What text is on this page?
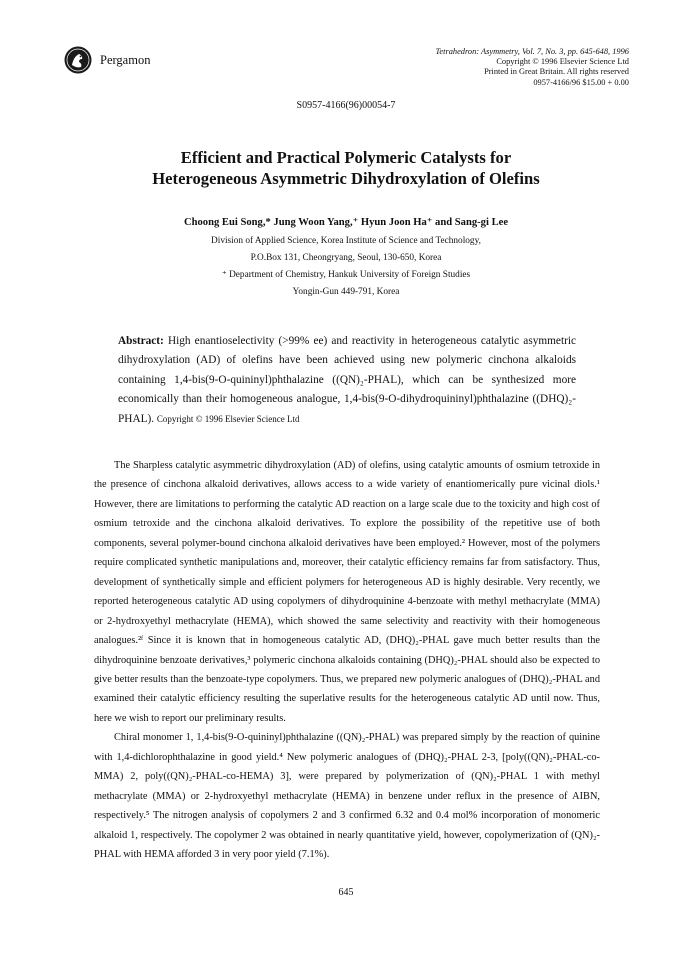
Pergamon
Tetrahedron: Asymmetry, Vol. 7, No. 3, pp. 645-648, 1996
Copyright © 1996 Elsevier Science Ltd
Printed in Great Britain. All rights reserved
0957-4166/96 $15.00 + 0.00
S0957-4166(96)00054-7
Efficient and Practical Polymeric Catalysts for
Heterogeneous Asymmetric Dihydroxylation of Olefins
Choong Eui Song,* Jung Woon Yang,⁺ Hyun Joon Ha⁺ and Sang-gi Lee
Division of Applied Science, Korea Institute of Science and Technology,
P.O.Box 131, Cheongryang, Seoul, 130-650, Korea
⁺ Department of Chemistry, Hankuk University of Foreign Studies
Yongin-Gun 449-791, Korea
Abstract: High enantioselectivity (>99% ee) and reactivity in heterogeneous catalytic asymmetric dihydroxylation (AD) of olefins have been achieved using new polymeric cinchona alkaloids containing 1,4-bis(9-O-quininyl)phthalazine ((QN)₂-PHAL), which can be synthesized more economically than their homogeneous analogue, 1,4-bis(9-O-dihydroquininyl)phthalazine ((DHQ)₂-PHAL). Copyright © 1996 Elsevier Science Ltd

The Sharpless catalytic asymmetric dihydroxylation (AD) of olefins, using catalytic amounts of osmium tetroxide in the presence of cinchona alkaloid derivatives, allows access to a wide variety of enantiomerically pure vicinal diols.¹ However, there are limitations to performing the catalytic AD reaction on a large scale due to the toxicity and high cost of osmium tetroxide and the cinchona alkaloid derivatives. To explore the possibility of the repetitive use of both components, several polymer-bound cinchona alkaloid derivatives have been employed.² However, most of the polymers require complicated synthetic manipulations and, moreover, their catalytic efficiency remains far from satisfactory. Thus, development of synthetically simple and efficient polymers for heterogeneous AD is highly desirable. Very recently, we reported heterogeneous catalytic AD using copolymers of dihydroquinine 4-benzoate with methyl methacrylate (MMA) or 2-hydroxyethyl methacrylate (HEMA), which showed the same selectivity and reactivity with their homogeneous analogues.²ᶠ Since it is known that in homogeneous catalytic AD, (DHQ)₂-PHAL gave much better results than the dihydroquinine benzoate derivatives,³ polymeric cinchona alkaloids containing (DHQ)₂-PHAL should also be expected to give better results than the benzoate-type copolymers. Thus, we prepared new polymeric analogues of (DHQ)₂-PHAL and examined their catalytic efficiency resulting the superlative results for the heterogeneous catalytic AD until now. Thus, here we wish to report our preliminary results.

Chiral monomer 1, 1,4-bis(9-O-quininyl)phthalazine ((QN)₂-PHAL) was prepared simply by the reaction of quinine with 1,4-dichlorophthalazine in good yield.⁴ New polymeric analogues of (DHQ)₂-PHAL 2-3, [poly((QN)₂-PHAL-co-MMA) 2, poly((QN)₂-PHAL-co-HEMA) 3], were prepared by polymerization of (QN)₂-PHAL 1 with methyl methacrylate (MMA) or 2-hydroxyethyl methacrylate (HEMA) in benzene under reflux in the presence of AIBN, respectively.⁵ The nitrogen analysis of copolymers 2 and 3 confirmed 6.32 and 0.4 mol% incorporation of monomeric alkaloid 1, respectively. The copolymer 2 was obtained in nearly quantitative yield, however, copolymerization of (QN)₂-PHAL with HEMA afforded 3 in very poor yield (7.1%).

645
